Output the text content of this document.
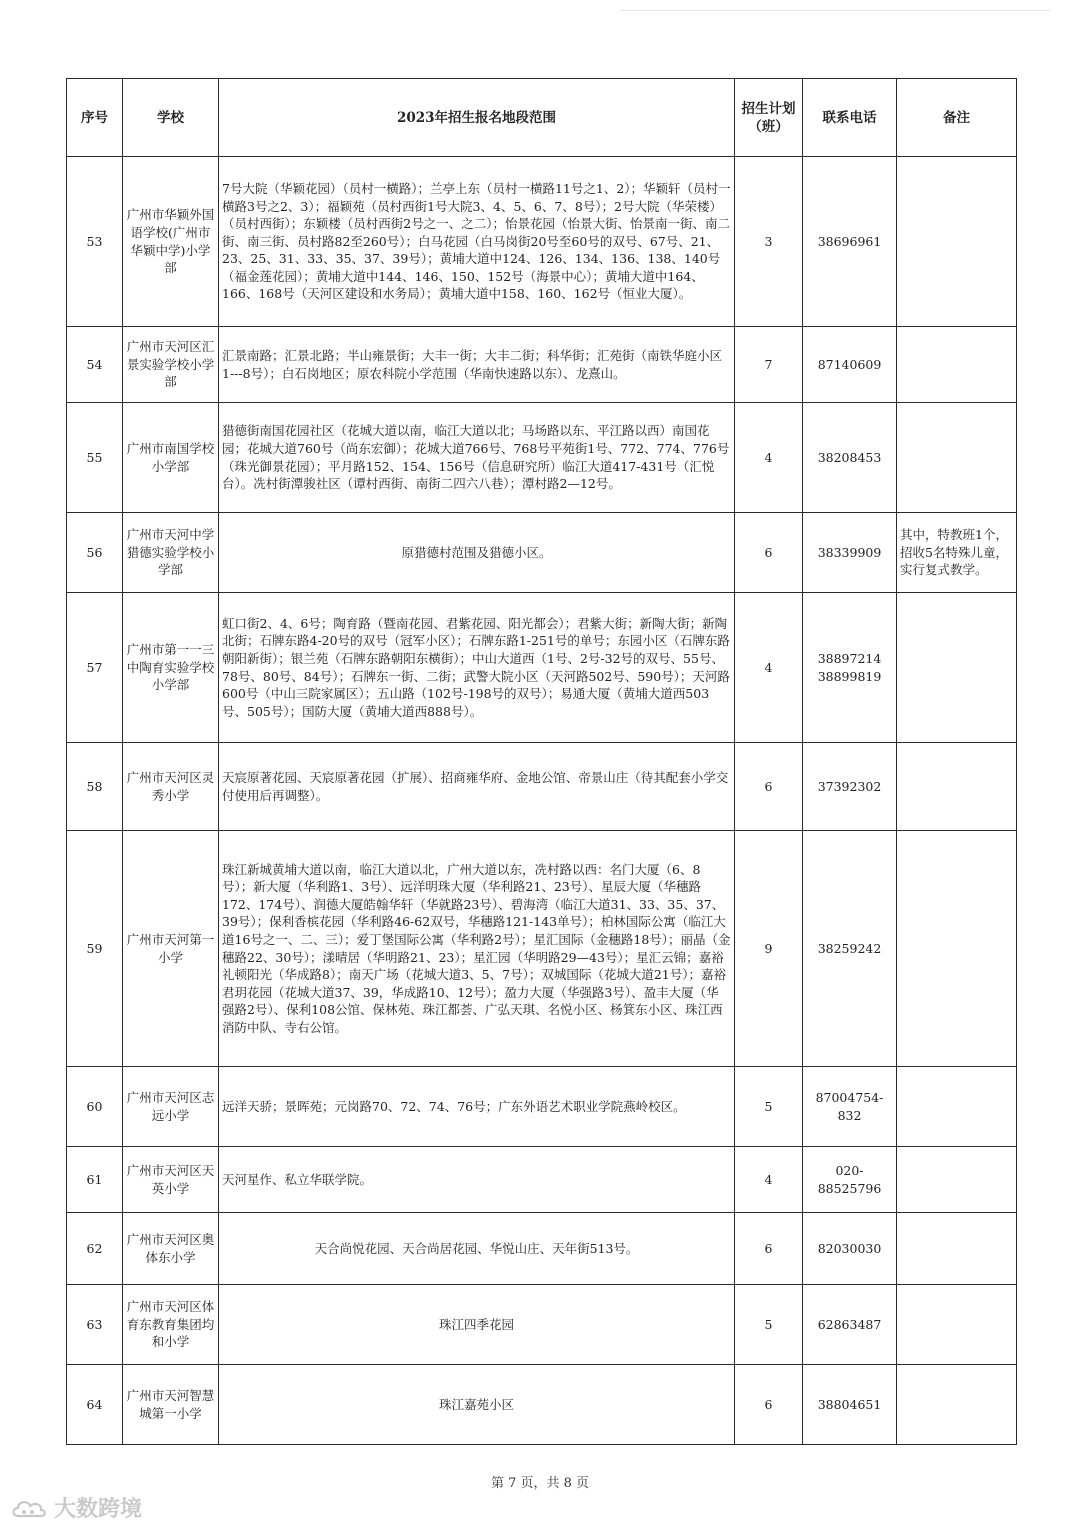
序号	学校	2023年招生报名地段范围	招生计划（班）	联系电话	备注
53	广州市华颖外国语学校(广州市华颖中学)小学部	7号大院（华颖花园）（员村一横路）；兰亭上东（员村一横路11号之1、2）；华颖轩（员村一横路3号之2、3）；福颖苑（员村西街1号大院3、4、5、6、7、8号）；2号大院（华荣楼）（员村西街）；东颖楼（员村西街2号之一、之二）；怡景花园（怡景大街、怡景南一街、南二街、南三街、员村路82至260号）；白马花园（白马岗街20号至60号的双号、67号、21、23、25、31、33、35、37、39号）；黄埔大道中124、126、134、136、138、140号（福金莲花园）；黄埔大道中144、146、150、152号（海景中心）；黄埔大道中164、166、168号（天河区建设和水务局）；黄埔大道中158、160、162号（恒业大厦）。	3	38696961	
54	广州市天河区汇景实验学校小学部	汇景南路；汇景北路；半山雍景街；大丰一街；大丰二街；科华街；汇苑街（南铁华庭小区1---8号）；白石岗地区；原农科院小学范围（华南快速路以东）、龙熹山。	7	87140609	
55	广州市南国学校小学部	猎德街南国花园社区（花城大道以南，临江大道以北；马场路以东、平江路以西）南国花园；花城大道760号（尚东宏御）；花城大道766号、768号平苑街1号、772、774、776号（珠光御景花园）；平月路152、154、156号（信息研究所）临江大道417-431号（汇悦台）。冼村街潭骏社区（谭村西街、南街二四六八巷）；潭村路2—12号。	4	38208453	
56	广州市天河中学猎德实验学校小学部	原猎德村范围及猎德小区。	6	38339909	其中，特教班1个，招收5名特殊儿童，实行复式教学。
57	广州市第一一三中陶育实验学校小学部	虹口街2、4、6号；陶育路（暨南花园、君紫花园、阳光都会）；君紫大街；新陶大街；新陶北街；石牌东路4-20号的双号（冠军小区）；石牌东路1-251号的单号；东园小区（石牌东路朝阳新街）；银兰苑（石牌东路朝阳东横街）；中山大道西（1号、2号-32号的双号、55号、78号、80号、84号）；石牌东一街、二街；武警大院小区（天河路502号、590号）；天河路600号（中山三院家属区）；五山路（102号-198号的双号）；易通大厦（黄埔大道西503号、505号）；国防大厦（黄埔大道西888号）。	4	38897214
38899819	

58	广州市天河区灵秀小学	天宸原著花园、天宸原著花园（扩展）、招商雍华府、金地公馆、帝景山庄（待其配套小学交付使用后再调整）。	6	37392302	
59	广州市天河第一小学	珠江新城黄埔大道以南，临江大道以北，广州大道以东，冼村路以西：名门大厦（6、8号）；新大厦（华利路1、3号）、远洋明珠大厦（华利路21、23号）、星辰大厦（华穗路172、174号）、润德大厦皓翰华轩（华就路23号）、碧海湾（临江大道31、33、35、37、39号）；保利香槟花园（华利路46-62双号，华穗路121-143单号）；柏林国际公寓（临江大道16号之一、二、三）；爱丁堡国际公寓（华利路2号）；星汇国际（金穗路18号）；丽晶（金穗路22、30号）；漾晴居（华明路21、23）；星汇园（华明路29—43号）；星汇云锦；嘉裕礼顿阳光（华成路8）；南天广场（花城大道3、5、7号）；双城国际（花城大道21号）；嘉裕君玥花园（花城大道37、39，华成路10、12号）；盈力大厦（华强路3号）、盈丰大厦（华强路2号）、保利108公馆、保林苑、珠江都荟、广弘天琪、名悦小区、杨箕东小区、珠江西消防中队、寺右公馆。	9	38259242	
60	广州市天河区志远小学	远洋天骄；景晖苑；元岗路70、72、74、76号；广东外语艺术职业学院燕岭校区。	5	87004754-832	
61	广州市天河区天英小学	天河星作、私立华联学院。	4	020-88525796	
62	广州市天河区奥体东小学	天合尚悦花园、天合尚居花园、华悦山庄、天年街513号。	6	82030030	
63	广州市天河区体育东教育集团均和小学	珠江四季花园	5	62863487	
64	广州市天河智慧城第一小学	珠江嘉苑小区	6	38804651	
第 7 页，共 8 页
大数跨境
